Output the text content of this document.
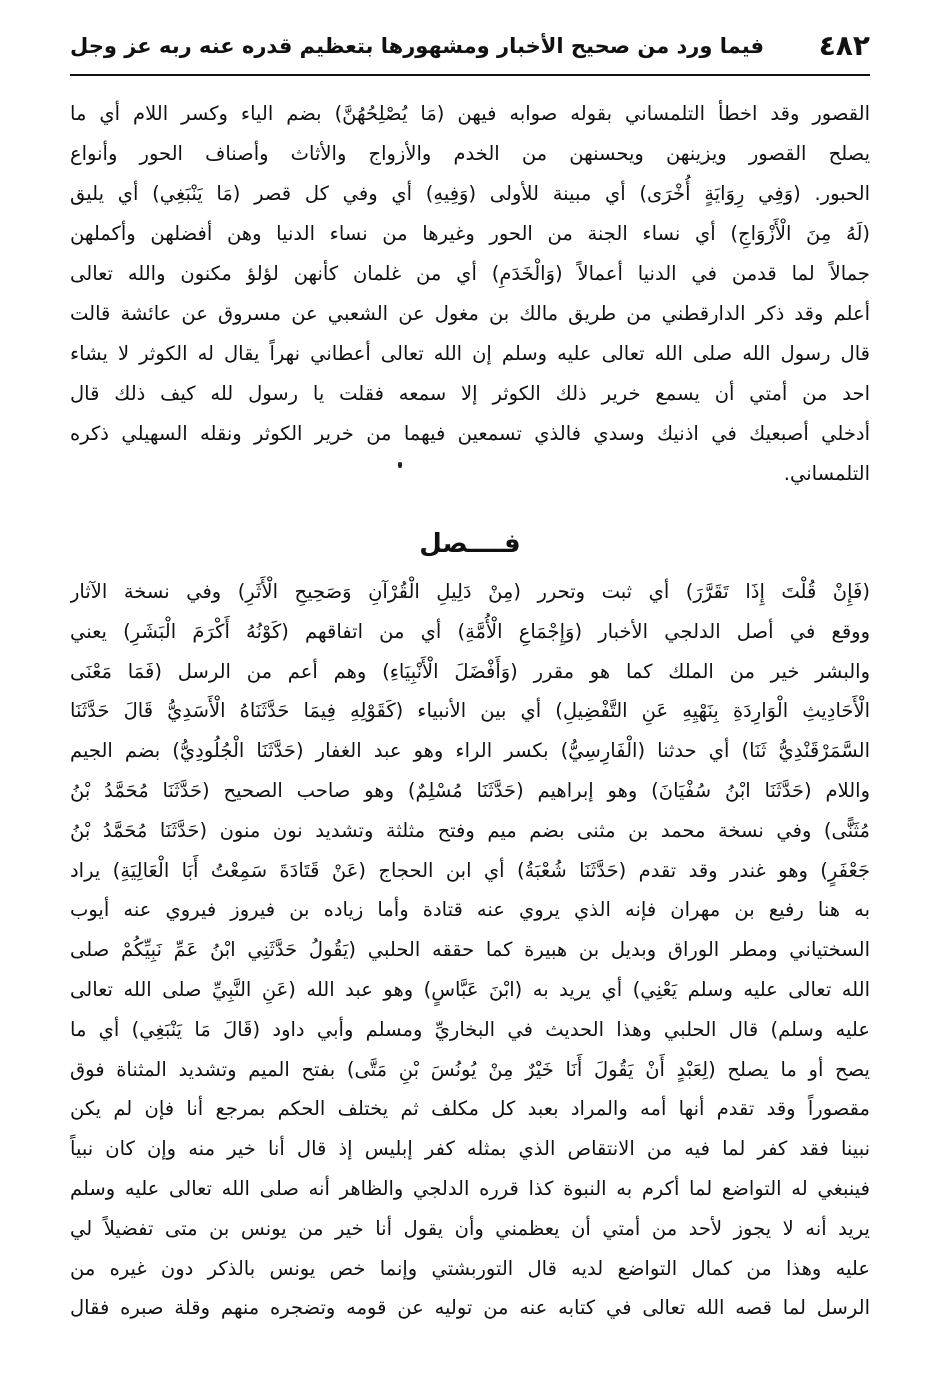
٤٨٢
فيما ورد من صحيح الأخبار ومشهورها بتعظيم قدره عنه ربه عز وجل
القصور وقد اخطأ التلمساني بقوله صوابه فيهن (مَا يُصْلِحُهُنَّ) بضم الياء وكسر اللام أي ما
يصلح القصور ويزينهن ويحسنهن من الخدم والأزواج والأثاث وأصناف الحور وأنواع
الحبور. (وَفِي رِوَايَةٍ أُخْرَى) أي مبينة للأولى (وَفِيهِ) أي وفي كل قصر (مَا يَنْبَغِي) أي يليق
(لَهُ مِنَ الْأَزْوَاجِ) أي نساء الجنة من الحور وغيرها من نساء الدنيا وهن أفضلهن وأكملهن
جمالاً لما قدمن في الدنيا أعمالاً (وَالْخَدَمِ) أي من غلمان كأنهن لؤلؤ مكنون والله تعالى
أعلم وقد ذكر الدارقطني من طريق مالك بن مغول عن الشعبي عن مسروق عن عائشة قالت
قال رسول الله صلى الله تعالى عليه وسلم إن الله تعالى أعطاني نهراً يقال له الكوثر لا يشاء
احد من أمتي أن يسمع خرير ذلك الكوثر إلا سمعه فقلت يا رسول لله كيف ذلك قال
أدخلي أصبعيك في اذنيك وسدي فالذي تسمعين فيهما من خرير الكوثر ونقله السهيلي ذكره
التلمساني.
فــــصل
(فَإِنْ قُلْتَ إِذَا تَقَرَّرَ) أي ثبت وتحرر (مِنْ دَلِيلِ الْقُرْآنِ وَصَحِيحِ الْأَثَرِ) وفي نسخة الآثار
ووقع في أصل الدلجي الأخبار (وَإِجْمَاعِ الْأُمَّةِ) أي من اتفاقهم (كَوْنُهُ أَكْرَمَ الْبَشَرِ) يعني
والبشر خير من الملك كما هو مقرر (وَأَفْضَلَ الْأَنْبِيَاءِ) وهم أعم من الرسل (فَمَا مَعْنَى
الْأَحَادِيثِ الْوَارِدَةِ بِنَهْيِهِ عَنِ التَّفْضِيلِ) أي بين الأنبياء (كَقَوْلِهِ فِيمَا حَدَّثَنَاهُ الْأَسَدِيُّ قَالَ حَدَّثَنَا
السَّمَرْقَنْدِيُّ ثَنَا) أي حدثنا (الْفَارِسِيُّ) بكسر الراء وهو عبد الغفار (حَدَّثَنَا الْجُلُودِيُّ) بضم الجيم
واللام (حَدَّثَنَا ابْنُ سُفْيَانَ) وهو إبراهيم (حَدَّثَنَا مُسْلِمٌ) وهو صاحب الصحيح (حَدَّثَنَا مُحَمَّدُ بْنُ
مُثَنًّى) وفي نسخة محمد بن مثنى بضم ميم وفتح مثلثة وتشديد نون منون (حَدَّثَنَا مُحَمَّدُ بْنُ
جَعْفَرٍ) وهو غندر وقد تقدم (حَدَّثَنَا شُعْبَةُ) أي ابن الحجاج (عَنْ قَتَادَةَ سَمِعْتُ أَبَا الْعَالِيَةِ) يراد
به هنا رفيع بن مهران فإنه الذي يروي عنه قتادة وأما زياده بن فيروز فيروي عنه أيوب
السختياني ومطر الوراق وبديل بن هبيرة كما حققه الحلبي (يَقُولُ حَدَّثَنِي ابْنُ عَمِّ نَبِيِّكُمْ صلى
الله تعالى عليه وسلم يَعْنِي) أي يريد به (ابْنَ عَبَّاسٍ) وهو عبد الله (عَنِ النَّبِيِّ صلى الله تعالى
عليه وسلم) قال الحلبي وهذا الحديث في البخاريِّ ومسلم وأبي داود (قَالَ مَا يَنْبَغِي) أي ما
يصح أو ما يصلح (لِعَبْدٍ أَنْ يَقُولَ أَنَا خَيْرٌ مِنْ يُونُسَ بْنِ مَتَّى) بفتح الميم وتشديد المثناة فوق
مقصوراً وقد تقدم أنها أمه والمراد بعبد كل مكلف ثم يختلف الحكم بمرجع أنا فإن لم يكن
نبينا فقد كفر لما فيه من الانتقاص الذي بمثله كفر إبليس إذ قال أنا خير منه وإن كان نبياً
فينبغي له التواضع لما أكرم به النبوة كذا قرره الدلجي والظاهر أنه صلى الله تعالى عليه وسلم
يريد أنه لا يجوز لأحد من أمتي أن يعظمني وأن يقول أنا خير من يونس بن متى تفضيلاً لي
عليه وهذا من كمال التواضع لديه قال التوربشتي وإنما خص يونس بالذكر دون غيره من
الرسل لما قصه الله تعالى في كتابه عنه من توليه عن قومه وتضجره منهم وقلة صبره فقال
